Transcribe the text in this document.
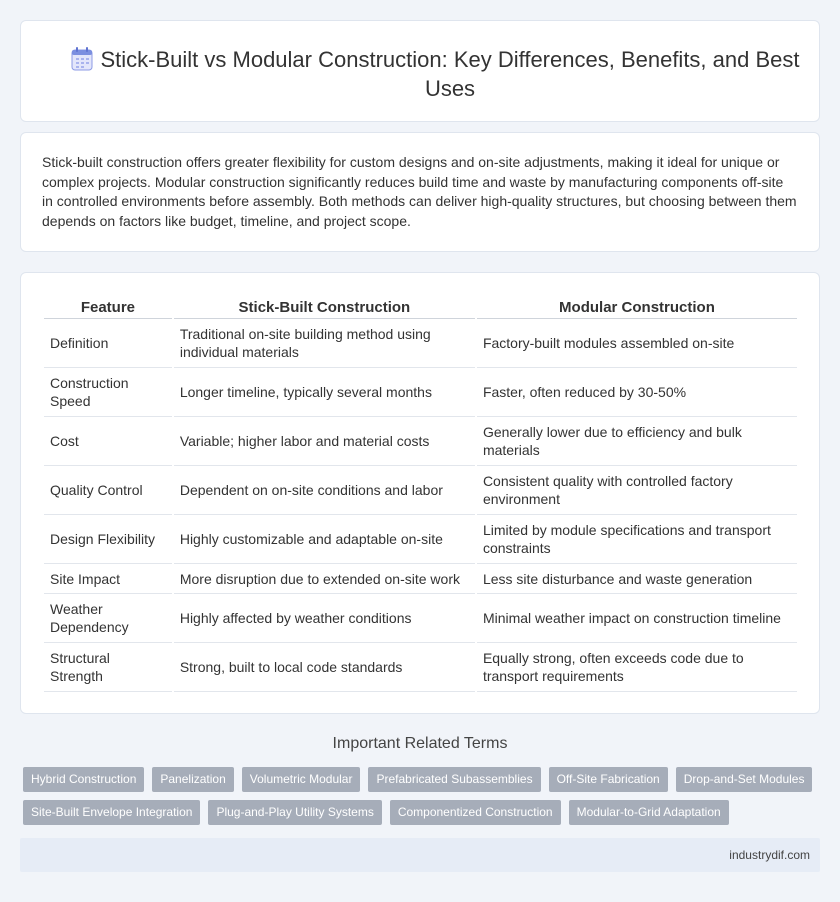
Stick-Built vs Modular Construction: Key Differences, Benefits, and Best Uses

Stick-built construction offers greater flexibility for custom designs and on-site adjustments, making it ideal for unique or complex projects. Modular construction significantly reduces build time and waste by manufacturing components off-site in controlled environments before assembly. Both methods can deliver high-quality structures, but choosing between them depends on factors like budget, timeline, and project scope.

Feature	Stick-Built Construction	Modular Construction
Definition	Traditional on-site building method using individual materials	Factory-built modules assembled on-site
Construction Speed	Longer timeline, typically several months	Faster, often reduced by 30-50%
Cost	Variable; higher labor and material costs	Generally lower due to efficiency and bulk materials
Quality Control	Dependent on on-site conditions and labor	Consistent quality with controlled factory environment
Design Flexibility	Highly customizable and adaptable on-site	Limited by module specifications and transport constraints
Site Impact	More disruption due to extended on-site work	Less site disturbance and waste generation
Weather Dependency	Highly affected by weather conditions	Minimal weather impact on construction timeline
Structural Strength	Strong, built to local code standards	Equally strong, often exceeds code due to transport requirements
Important Related Terms
Hybrid Construction	Panelization	Volumetric Modular	Prefabricated Subassemblies	Off-Site Fabrication	Drop-and-Set Modules
Site-Built Envelope Integration	Plug-and-Play Utility Systems	Componentized Construction	Modular-to-Grid Adaptation
industrydif.com
